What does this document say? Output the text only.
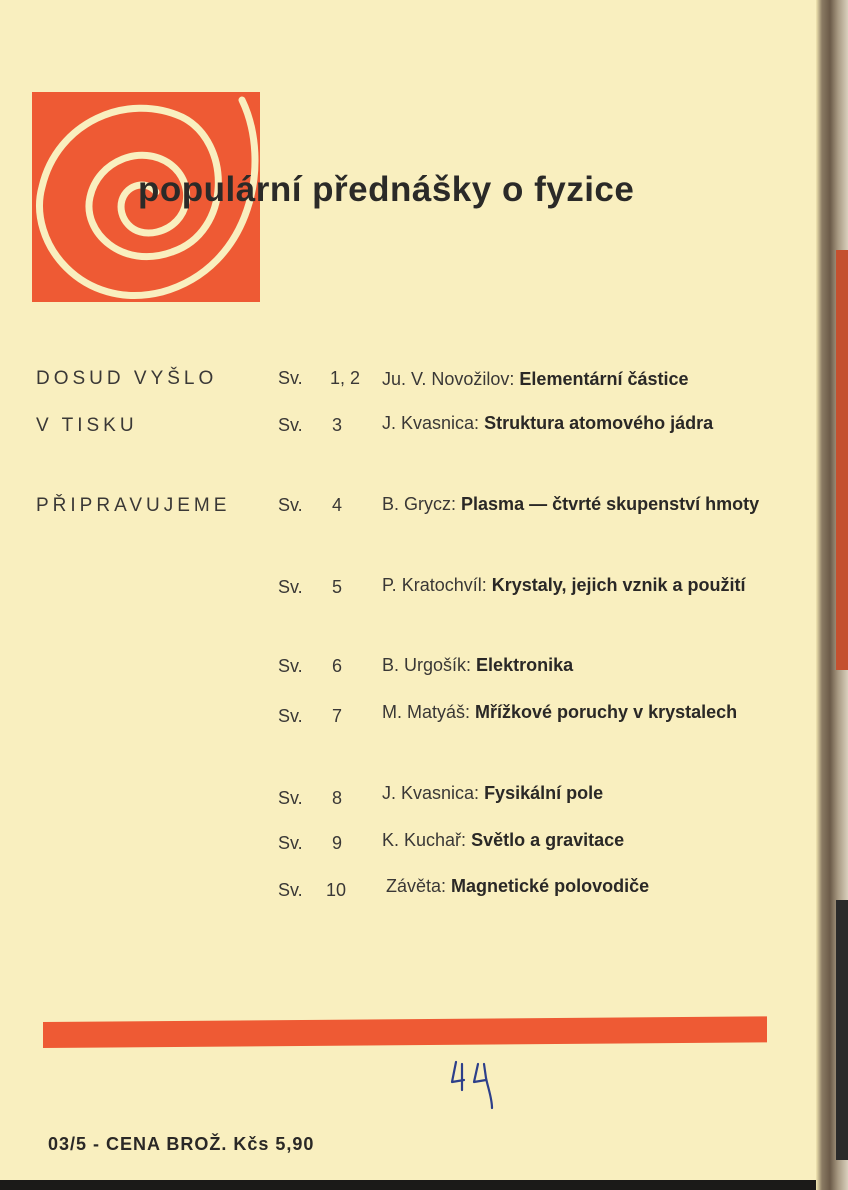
populární přednášky o fyzice
DOSUD VYŠLO
V TISKU
PŘIPRAVUJEME
Sv. 1, 2 Ju. V. Novožilov: Elementární částice
Sv. 3 J. Kvasnica: Struktura atomového jádra
Sv. 4 B. Grycz: Plasma — čtvrté skupenství hmoty
Sv. 5 P. Kratochvíl: Krystaly, jejich vznik a použití
Sv. 6 B. Urgošík: Elektronika
Sv. 7 M. Matyáš: Mřížkové poruchy v krystalech
Sv. 8 J. Kvasnica: Fysikální pole
Sv. 9 K. Kuchař: Světlo a gravitace
Sv. 10 Závěta: Magnetické polovodiče
03/5 - CENA BROŽ. Kčs 5,90
